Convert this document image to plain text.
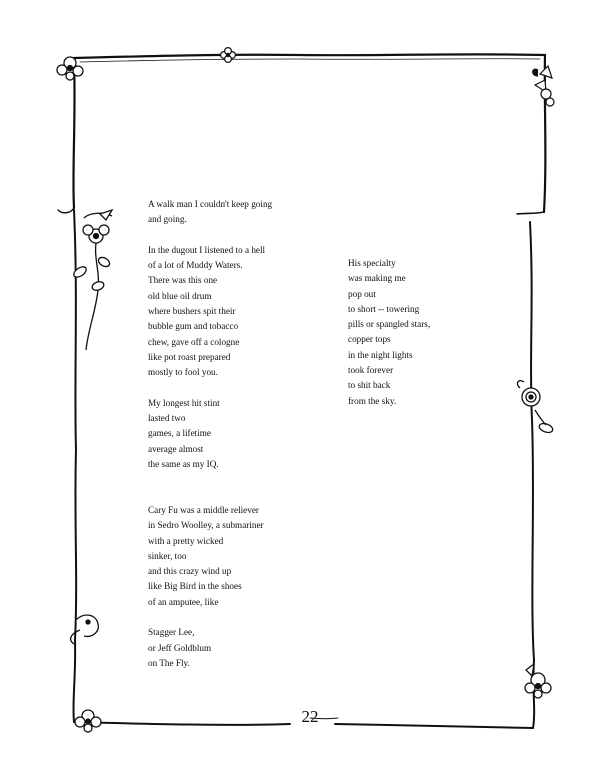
A walk man I couldn't keep going
and going.
In the dugout I listened to a hell
of a lot of Muddy Waters.
There was this one
old blue oil drum
where bushers spit their
bubble gum and tobacco
chew, gave off a cologne
like pot roast prepared
mostly to fool you.
My longest hit stint
lasted two
games, a lifetime
average almost
the same as my IQ.
Cary Fu was a middle reliever
in Sedro Woolley, a submariner
with a pretty wicked
sinker, too
and this crazy wind up
like Big Bird in the shoes
of an amputee, like
Stagger Lee,
or Jeff Goldblum
on The Fly.
His specialty
was making me
pop out
to short -- towering
pills or spangled stars,
copper tops
in the night lights
took forever
to shit back
from the sky.
22
